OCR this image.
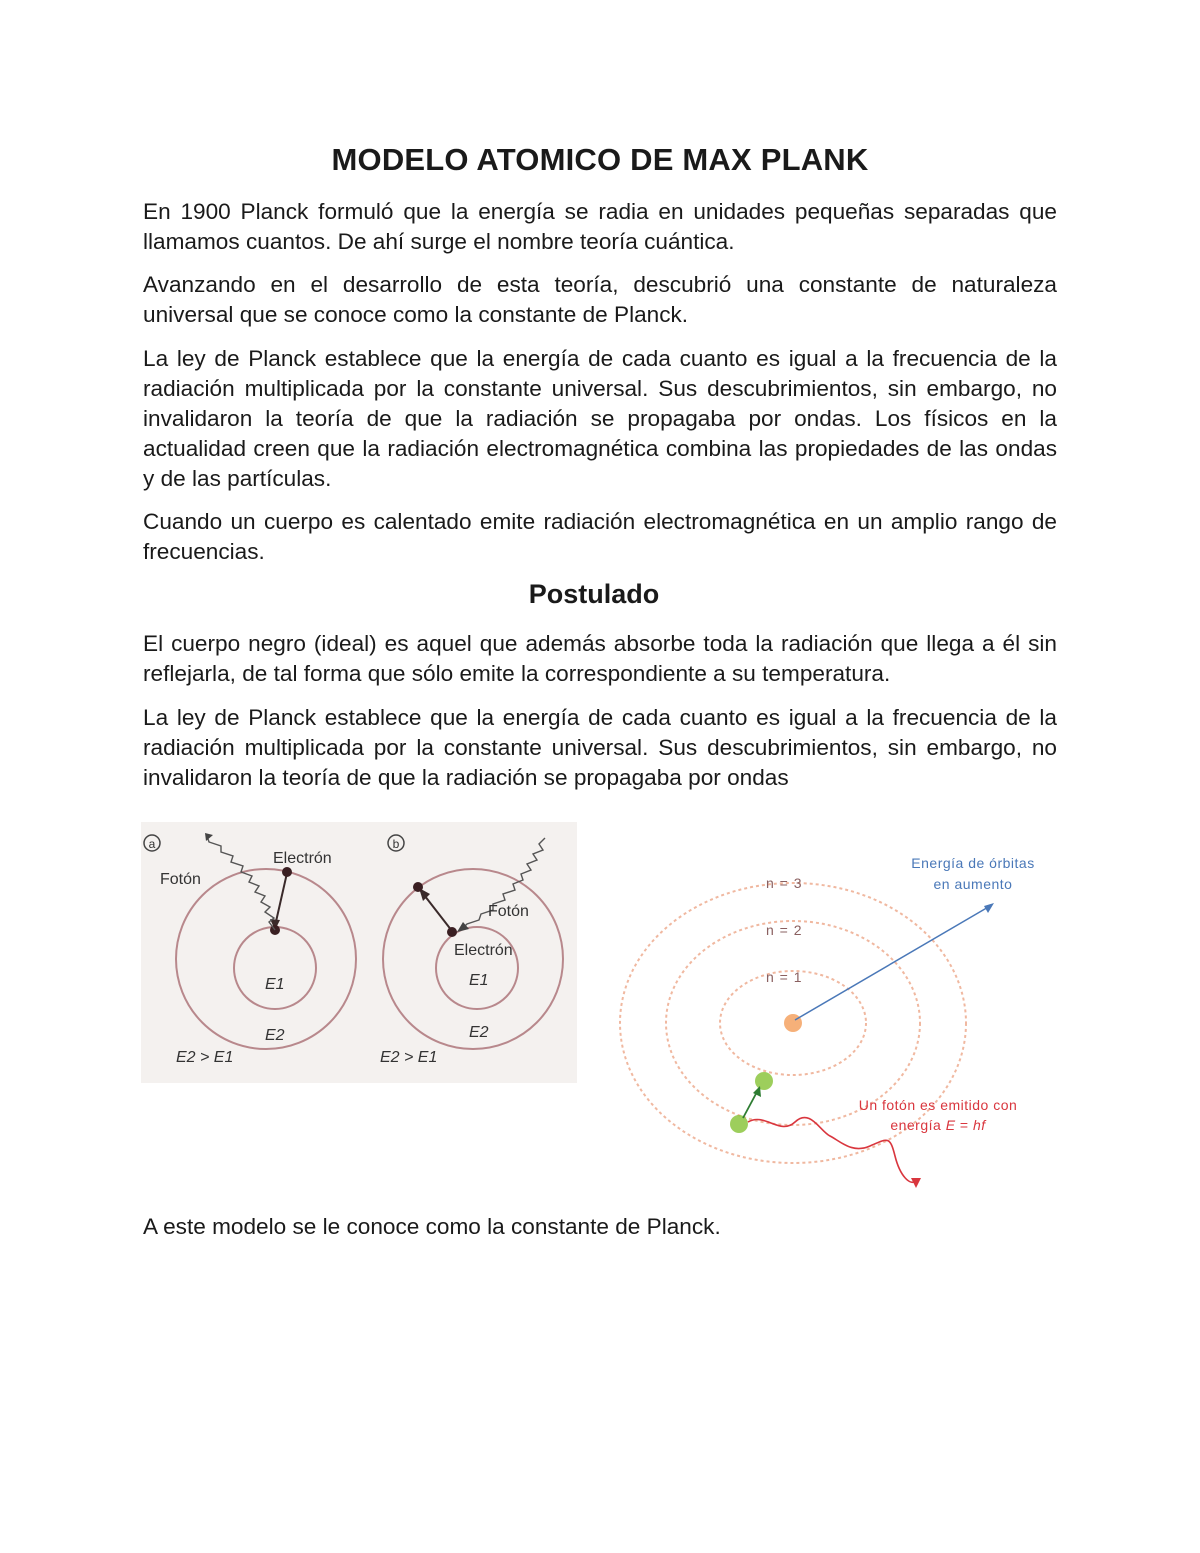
MODELO ATOMICO DE MAX PLANK

En 1900 Planck formuló que la energía se radia en unidades pequeñas separadas que llamamos cuantos. De ahí surge el nombre teoría cuántica.

Avanzando en el desarrollo de esta teoría, descubrió una constante de naturaleza universal que se conoce como la constante de Planck.

La ley de Planck establece que la energía de cada cuanto es igual a la frecuencia de la radiación multiplicada por la constante universal. Sus descubrimientos, sin embargo, no invalidaron la teoría de que la radiación se propagaba por ondas. Los físicos en la actualidad creen que la radiación electromagnética combina las propiedades de las ondas y de las partículas.

Cuando un cuerpo es calentado emite radiación electromagnética en un amplio rango de frecuencias.

Postulado

El cuerpo negro (ideal) es aquel que además absorbe toda la radiación que llega a él sin reflejarla, de tal forma que sólo emite la correspondiente a su temperatura.

La ley de Planck establece que la energía de cada cuanto es igual a la frecuencia de la radiación multiplicada por la constante universal. Sus descubrimientos, sin embargo, no invalidaron la teoría de que la radiación se propagaba por ondas

a
Fotón
Electrón
E1
E2
E2 > E1
b
Fotón
Electrón
E1
E2
E2 > E1
n = 3
n = 2
n = 1
Energía de órbitas
en aumento
Un fotón es emitido con
energía E = hf

A este modelo se le conoce como la constante de Planck.
